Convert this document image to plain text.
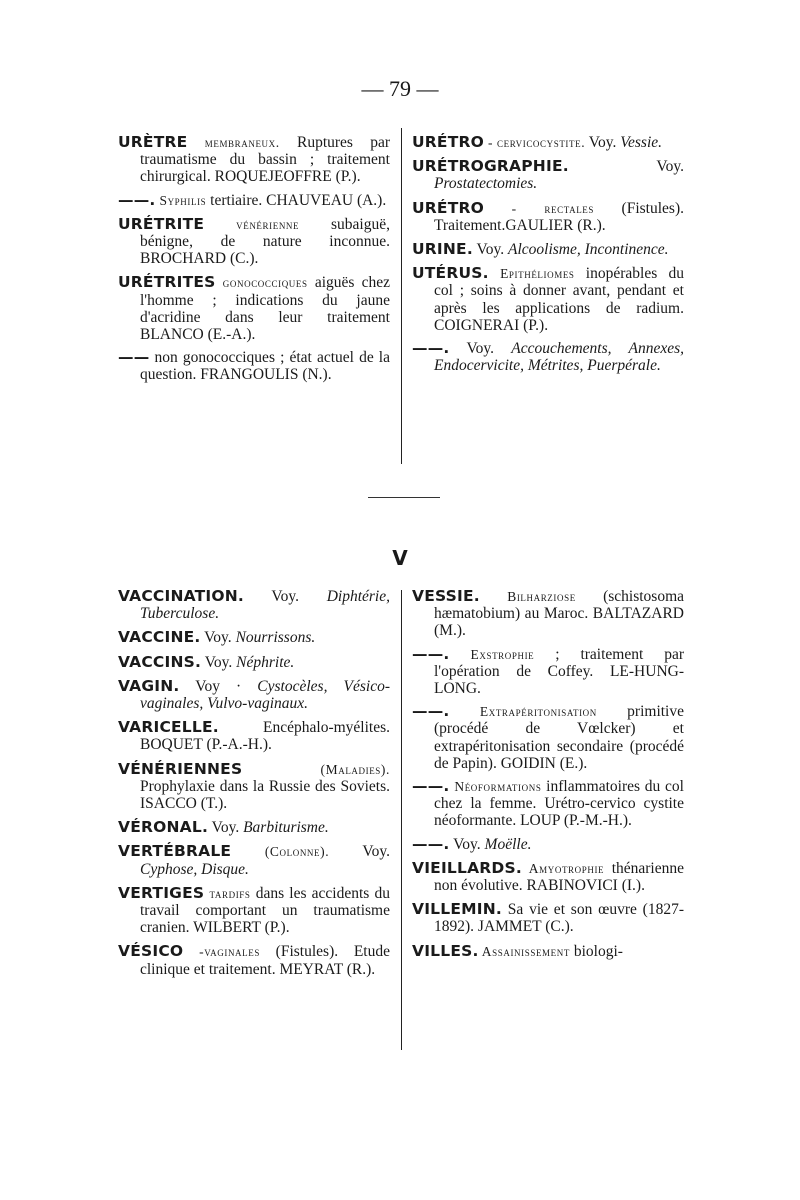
— 79 —
URÈTRE membraneux. Ruptures par traumatisme du bassin ; traitement chirurgical. ROQUEJEOFFRE (P.).
——. Syphilis tertiaire. CHAUVEAU (A.).
URÉTRITE vénérienne subaiguë, bénigne, de nature inconnue. BROCHARD (C.).
URÉTRITES gonococciques aiguës chez l'homme ; indications du jaune d'acridine dans leur traitement BLANCO (E.-A.).
—— non gonococciques ; état actuel de la question. FRANGOULIS (N.).
URÉTRO - cervicocystite. Voy. Vessie.
URÉTROGRAPHIE. Voy. Prostatectomies.
URÉTRO - rectales (Fistules). Traitement.GAULIER (R.).
URINE. Voy. Alcoolisme, Incontinence.
UTÉRUS. Epithéliomes inopérables du col ; soins à donner avant, pendant et après les applications de radium. COIGNERAI (P.).
——. Voy. Accouchements, Annexes, Endocervicite, Métrites, Puerpérale.
V
VACCINATION. Voy. Diphtérie, Tuberculose.
VACCINE. Voy. Nourrissons.
VACCINS. Voy. Néphrite.
VAGIN. Voy · Cystocèles, Vésico-vaginales, Vulvo-vaginaux.
VARICELLE. Encéphalo-myélites. BOQUET (P.-A.-H.).
VÉNÉRIENNES (Maladies). Prophylaxie dans la Russie des Soviets. ISACCO (T.).
VÉRONAL. Voy. Barbiturisme.
VERTÉBRALE (Colonne). Voy. Cyphose, Disque.
VERTIGES tardifs dans les accidents du travail comportant un traumatisme cranien. WILBERT (P.).
VÉSICO -vaginales (Fistules). Etude clinique et traitement. MEYRAT (R.).
VESSIE. Bilharziose (schistosoma hæmatobium) au Maroc. BALTAZARD (M.).
——. Exstrophie ; traitement par l'opération de Coffey. LE-HUNG-LONG.
——. Extrapéritonisation primitive (procédé de Vœlcker) et extrapéritonisation secondaire (procédé de Papin). GOIDIN (E.).
——. Néoformations inflammatoires du col chez la femme. Urétro-cervico cystite néoformante. LOUP (P.-M.-H.).
——. Voy. Moëlle.
VIEILLARDS. Amyotrophie thénarienne non évolutive. RABINOVICI (I.).
VILLEMIN. Sa vie et son œuvre (1827-1892). JAMMET (C.).
VILLES. Assainissement biologi-
